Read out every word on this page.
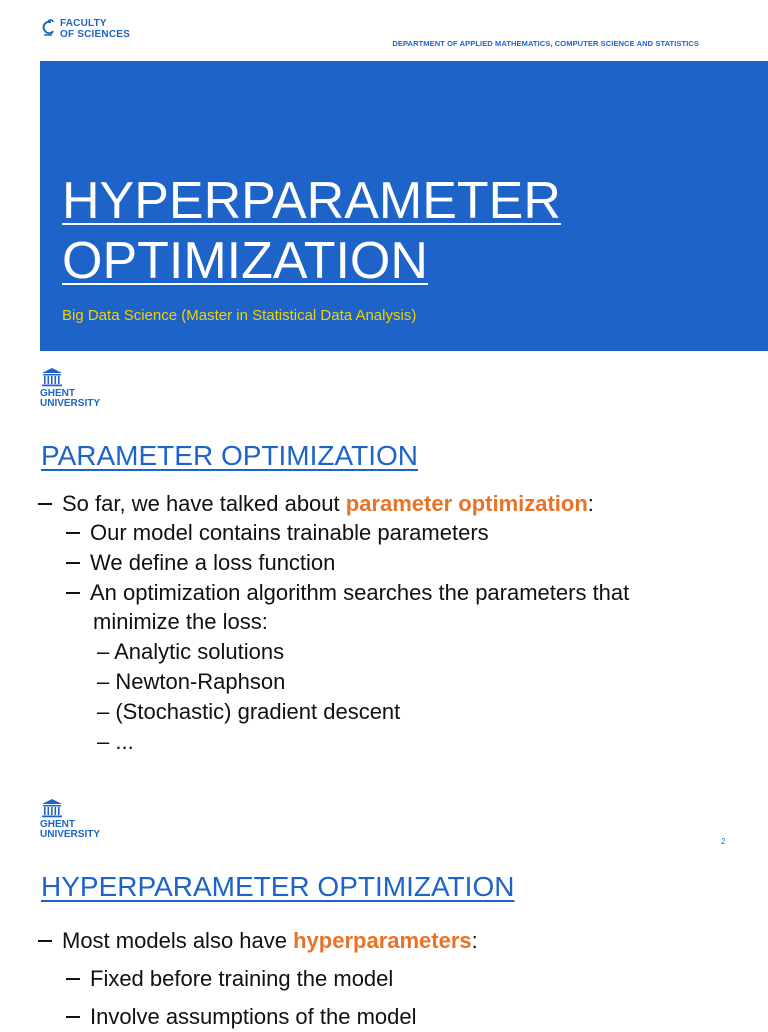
FACULTY
OF SCIENCES
DEPARTMENT OF APPLIED MATHEMATICS, COMPUTER SCIENCE AND STATISTICS
HYPERPARAMETER
OPTIMIZATION
Big Data Science (Master in Statistical Data Analysis)
GHENT
UNIVERSITY
PARAMETER OPTIMIZATION
So far, we have talked about parameter optimization:
Our model contains trainable parameters
We define a loss function
An optimization algorithm searches the parameters that
minimize the loss:
– Analytic solutions
– Newton-Raphson
– (Stochastic) gradient descent
– ...
GHENT
UNIVERSITY
2
HYPERPARAMETER OPTIMIZATION
Most models also have hyperparameters:
Fixed before training the model
Involve assumptions of the model
